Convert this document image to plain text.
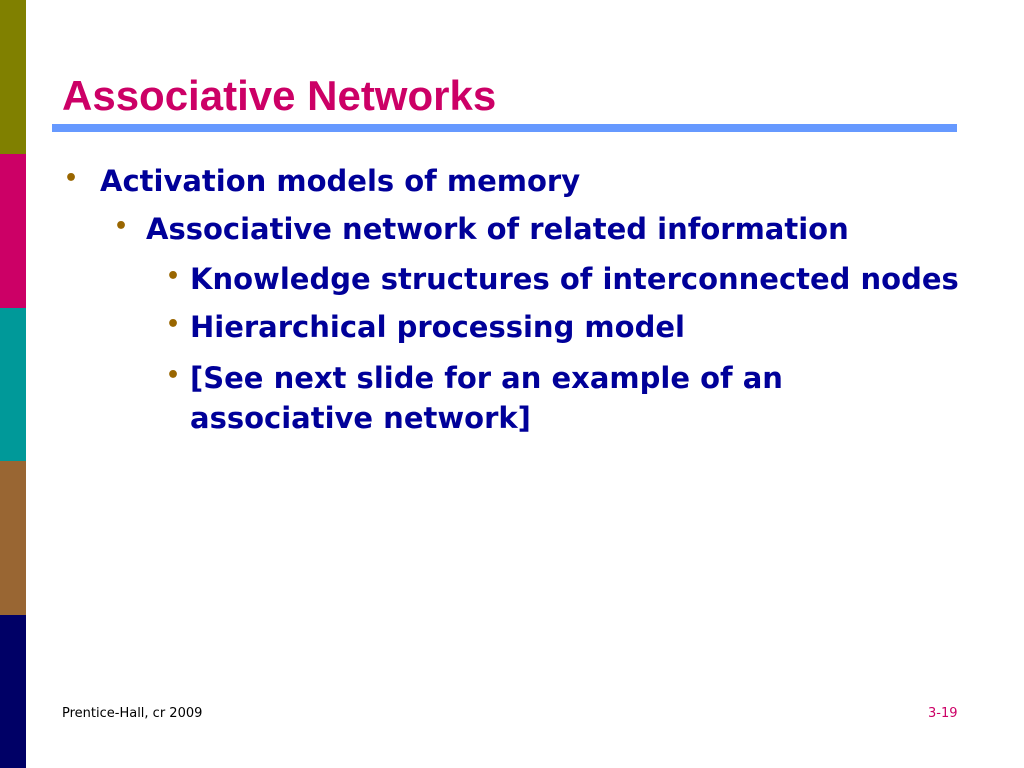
Associative Networks
• Activation models of memory
• Associative network of related information
• Knowledge structures of interconnected nodes
• Hierarchical processing model
• [See next slide for an example of an
associative network]
Prentice-Hall, cr 2009	3-19
